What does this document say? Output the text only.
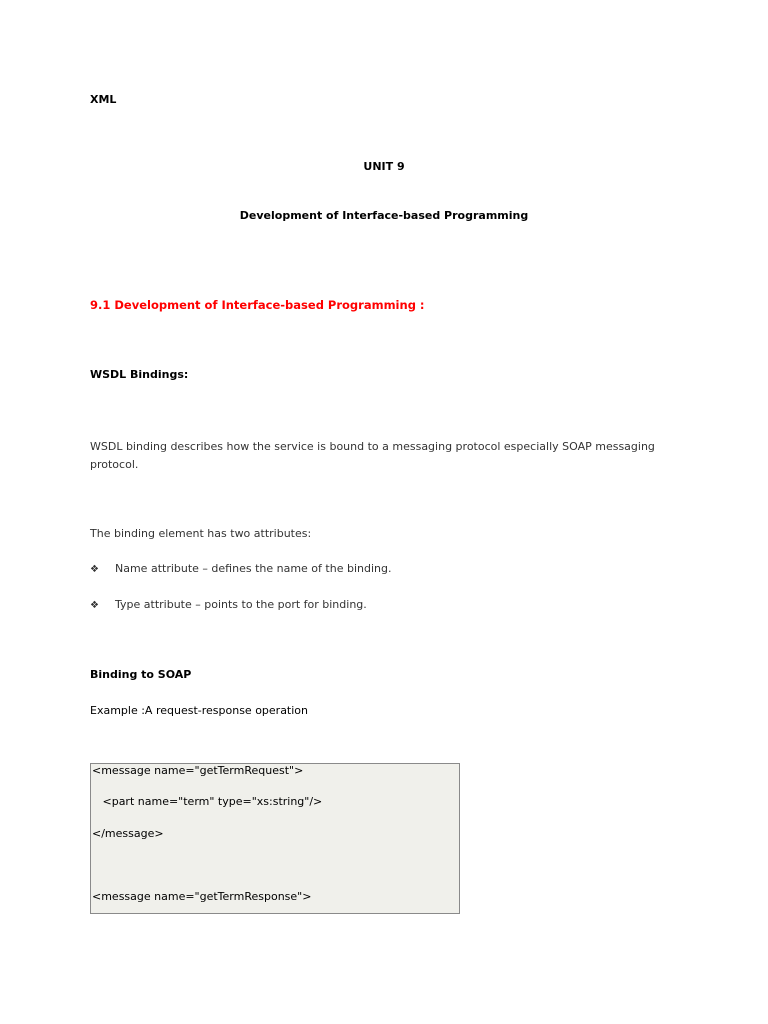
XML
UNIT 9
Development of Interface-based Programming
9.1 Development of Interface-based Programming :
WSDL Bindings:
WSDL binding describes how the service is bound to a messaging protocol especially SOAP messaging protocol.
The binding element has two attributes:
❖ Name attribute – defines the name of the binding.
❖ Type attribute – points to the port for binding.
Binding to SOAP
Example :A request-response operation
<message name="getTermRequest">
<part name="term" type="xs:string"/>
</message>
<message name="getTermResponse">
